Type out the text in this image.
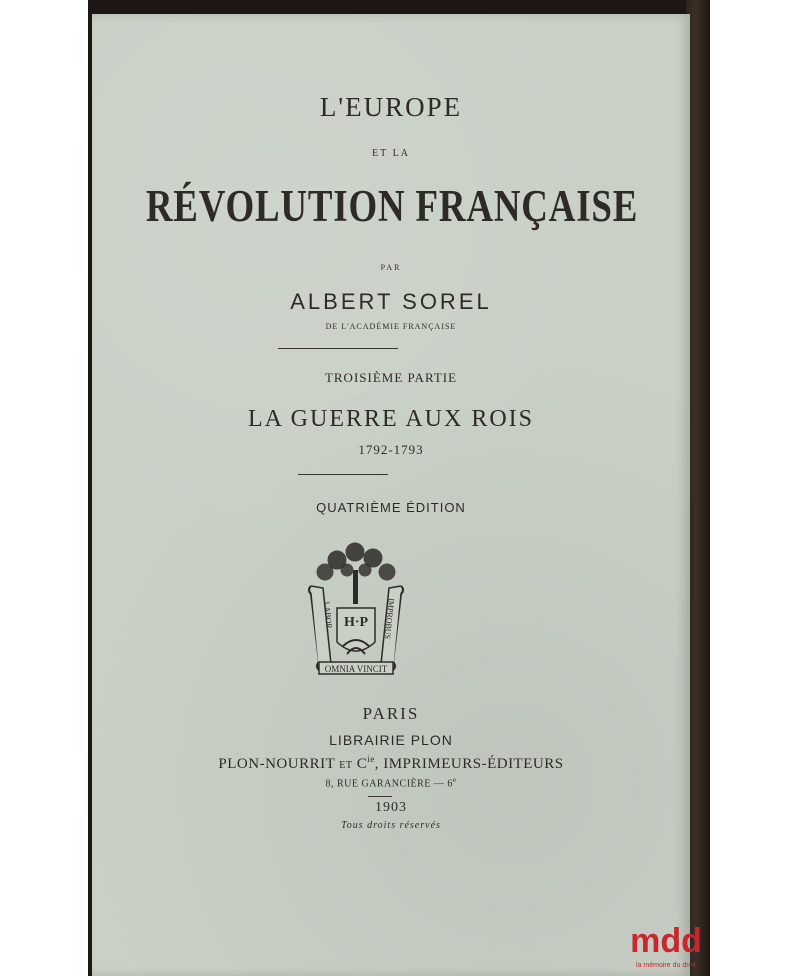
L'EUROPE
ET LA
RÉVOLUTION FRANÇAISE
PAR
ALBERT SOREL
DE L'ACADÉMIE FRANÇAISE
TROISIÈME PARTIE
LA GUERRE AUX ROIS
1792-1793
QUATRIÈME ÉDITION
H·P
LABOR	IMPROBUS
OMNIA VINCIT
PARIS
LIBRAIRIE PLON
PLON-NOURRIT ET $C^{ie}$, IMPRIMEURS-ÉDITEURS
8, RUE GARANCIÈRE — 6e
1903
Tous droits réservés
mdd
la mémoire du droit
